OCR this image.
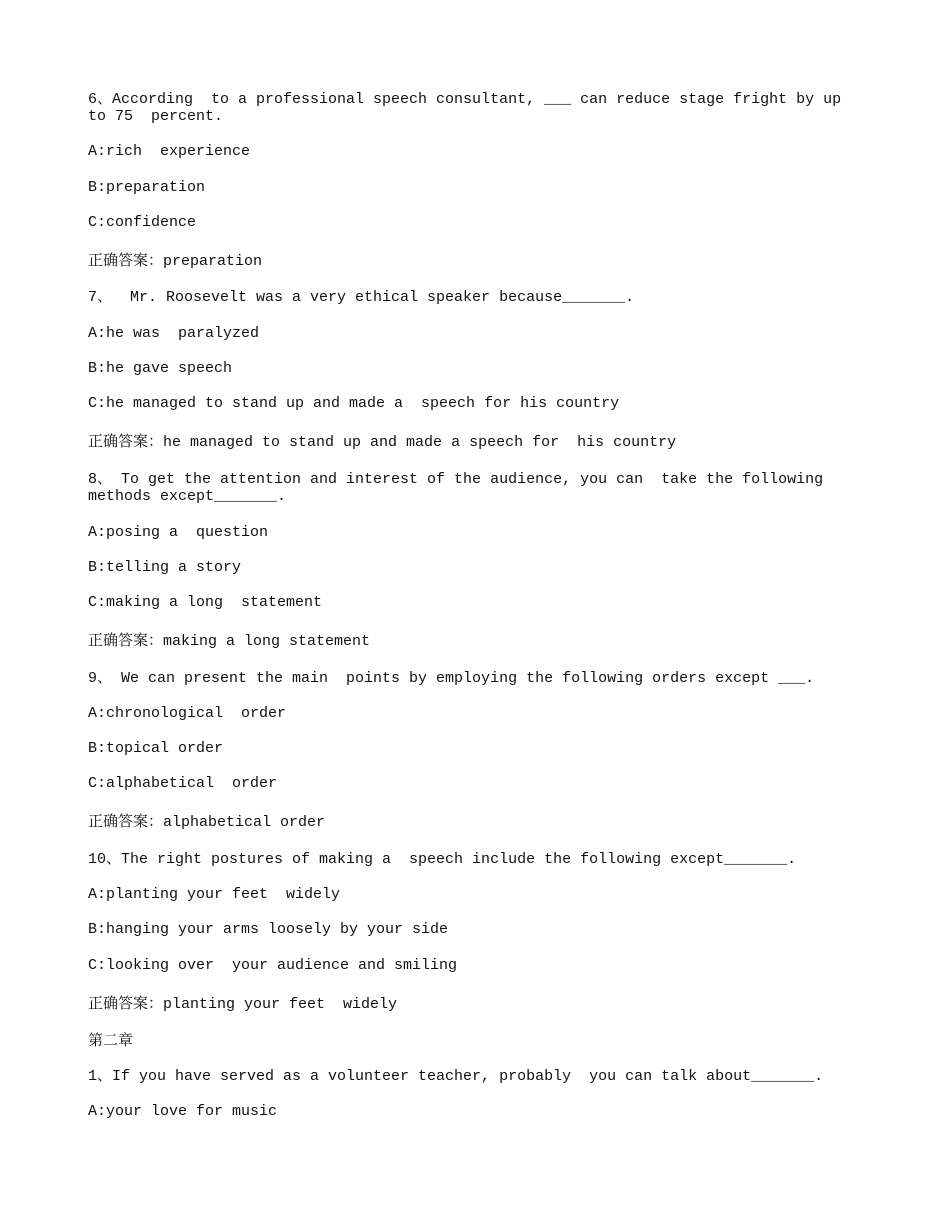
6、According  to a professional speech consultant, ___ can reduce stage fright by up to 75  percent.
A:rich  experience
B:preparation
C:confidence
正确答案：preparation
7、  Mr. Roosevelt was a very ethical speaker because_______.
A:he was  paralyzed
B:he gave speech
C:he managed to stand up and made a  speech for his country
正确答案：he managed to stand up and made a speech for  his country
8、 To get the attention and interest of the audience, you can  take the following methods except_______.
A:posing a  question
B:telling a story
C:making a long  statement
正确答案：making a long statement
9、 We can present the main  points by employing the following orders except ___.
A:chronological  order
B:topical order
C:alphabetical  order
正确答案：alphabetical order
10、The right postures of making a  speech include the following except_______.
A:planting your feet  widely
B:hanging your arms loosely by your side
C:looking over  your audience and smiling
正确答案：planting your feet  widely
第二章
1、If you have served as a volunteer teacher, probably  you can talk about_______.
A:your love for music
